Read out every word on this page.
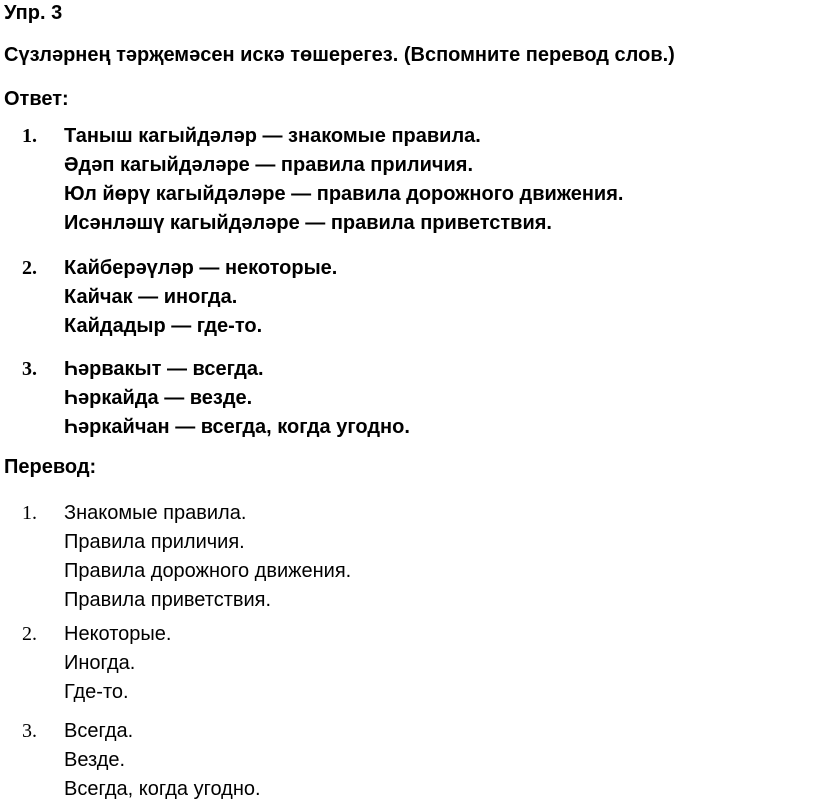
Упр. 3
Сүзләрнең тәрҗемәсен искә төшерегез. (Вспомните перевод слов.)
Ответ:
1. Таныш кагыйдәләр — знакомые правила.
Әдәп кагыйдәләре — правила приличия.
Юл йөрү кагыйдәләре — правила дорожного движения.
Исәнләшү кагыйдәләре — правила приветствия.
2. Кайберәүләр — некоторые.
Кайчак — иногда.
Кайдадыр — где-то.
3. Һәрвакыт — всегда.
Һәркайда — везде.
Һәркайчан — всегда, когда угодно.
Перевод:
1. Знакомые правила.
Правила приличия.
Правила дорожного движения.
Правила приветствия.
2. Некоторые.
Иногда.
Где-то.
3. Всегда.
Везде.
Всегда, когда угодно.
